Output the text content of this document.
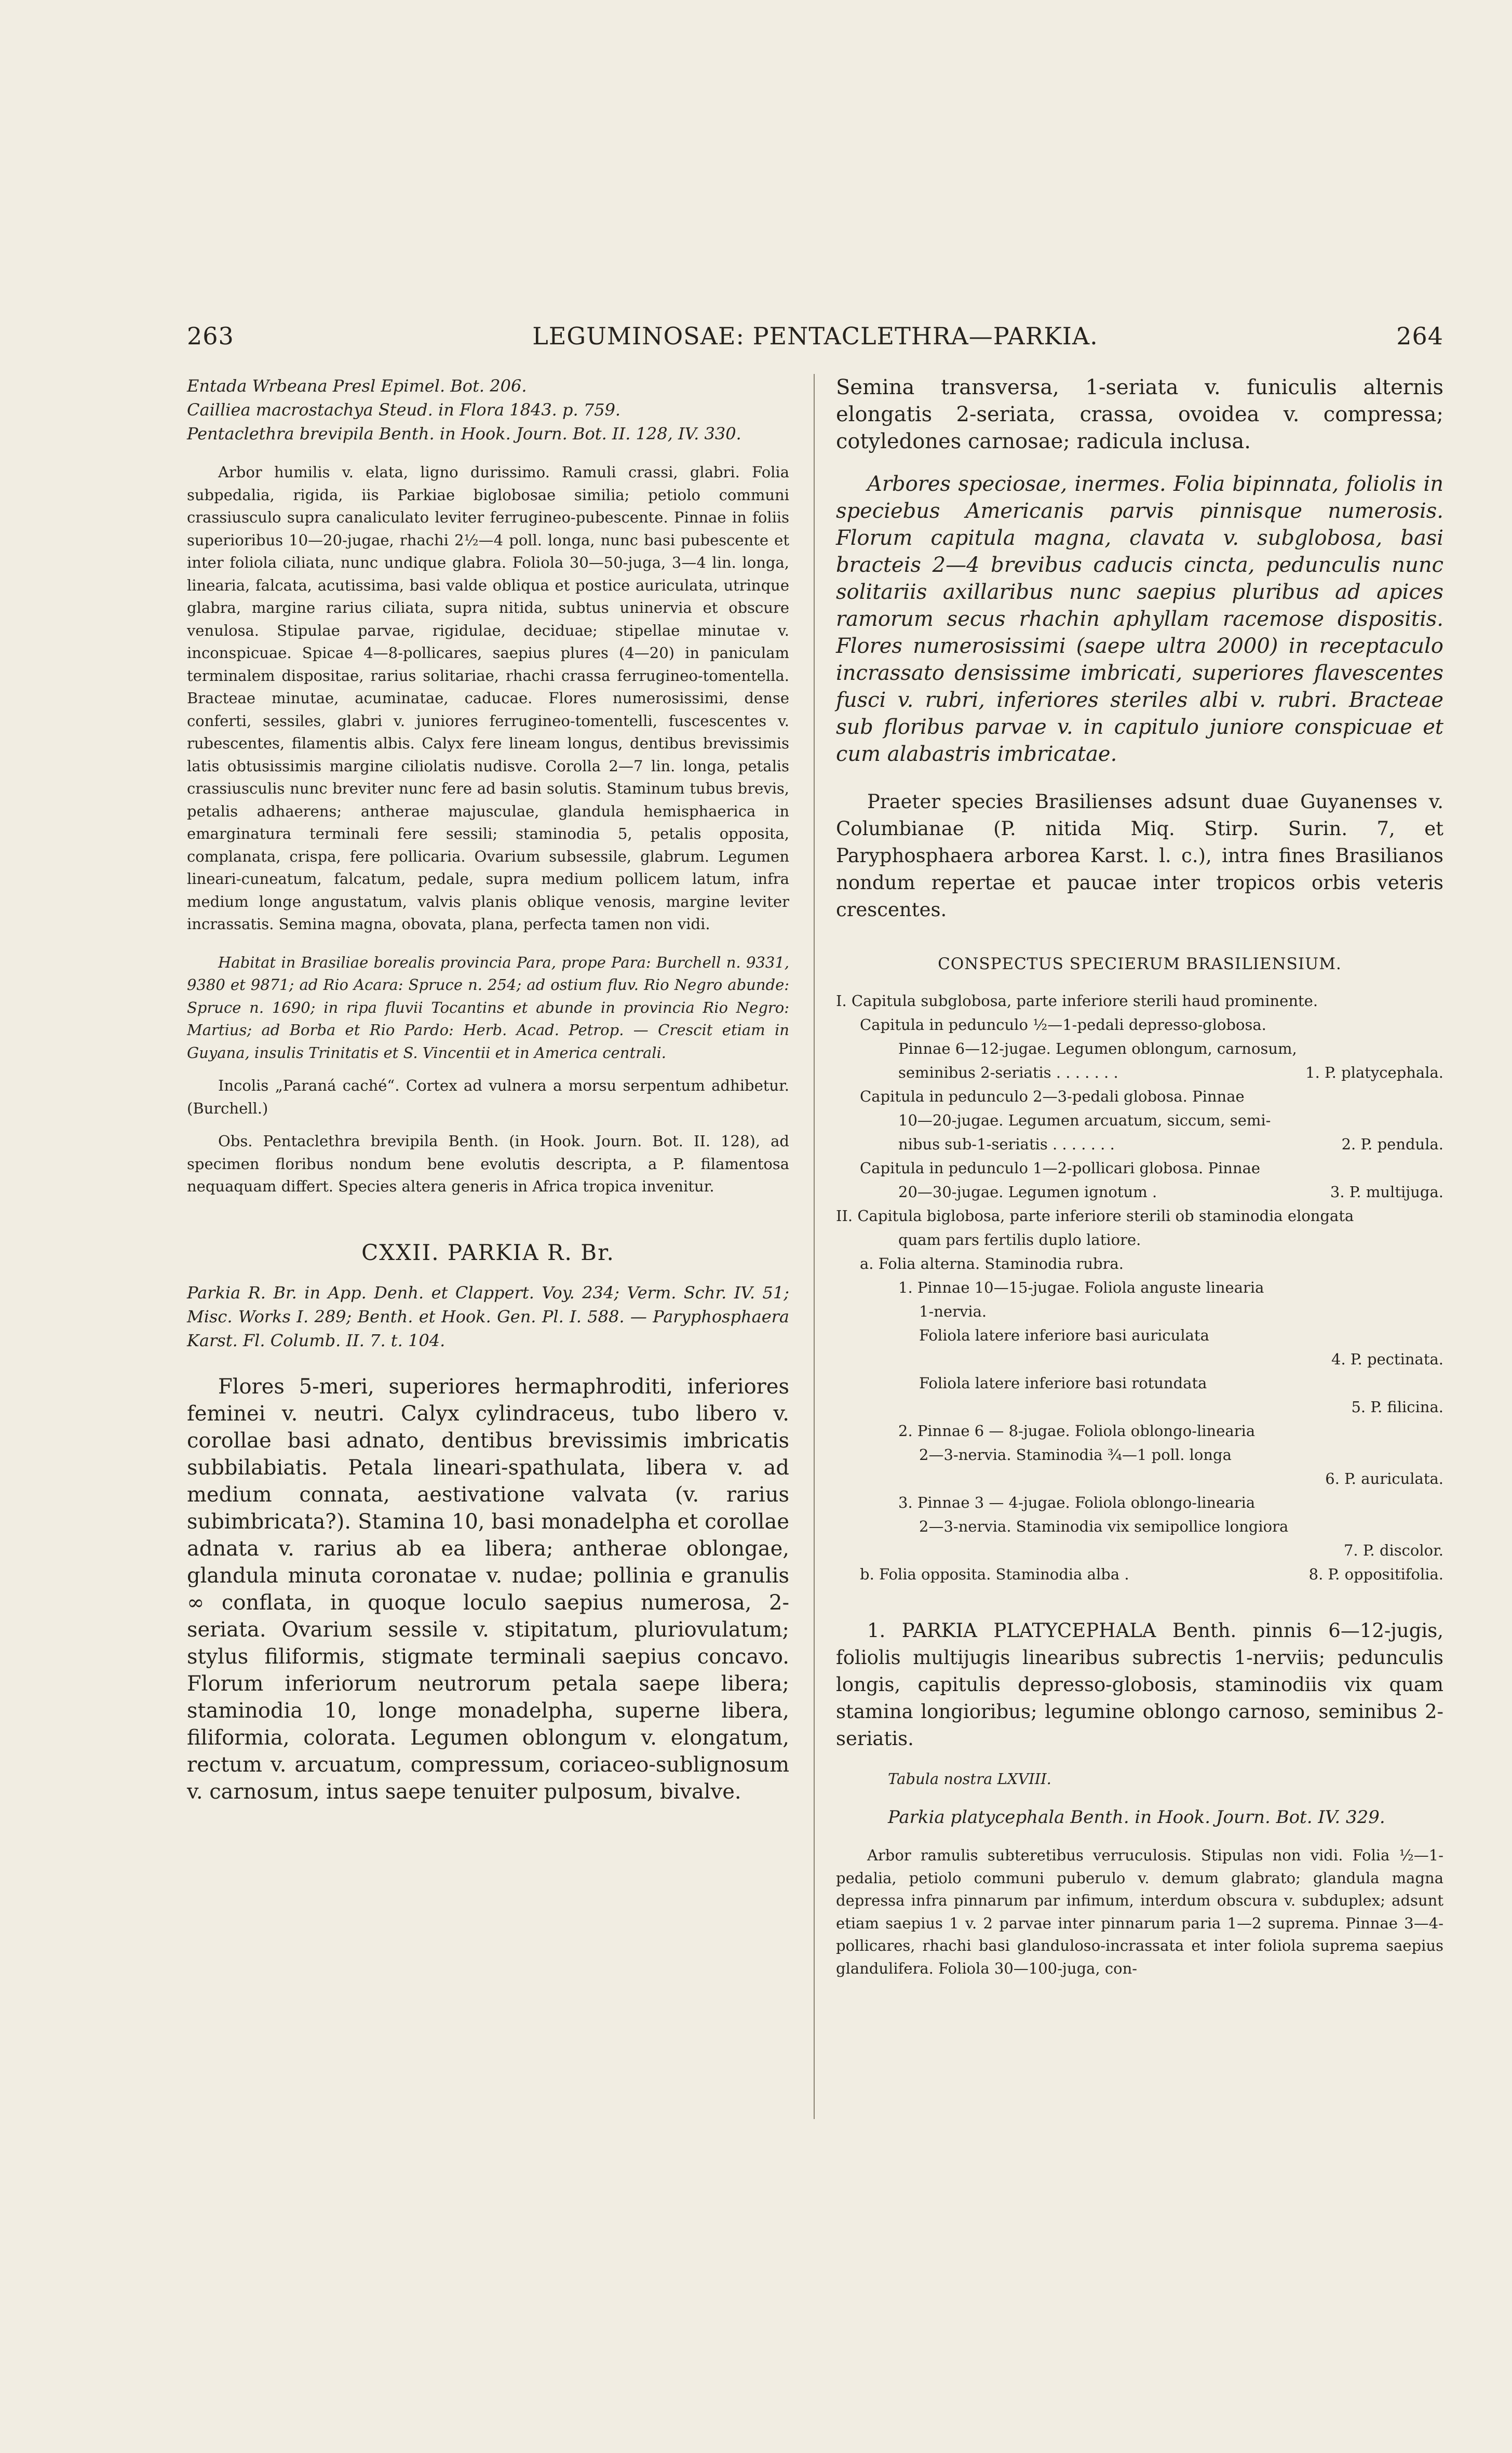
263	LEGUMINOSAE: PENTACLETHRA—PARKIA.	264

Entada Wrbeana Presl Epimel. Bot. 206.

Cailliea macrostachya Steud. in Flora 1843. p. 759.

Pentaclethra brevipila Benth. in Hook. Journ. Bot. II. 128, IV. 330.

Arbor humilis v. elata, ligno durissimo. Ramuli crassi, glabri. Folia subpedalia, rigida, iis Parkiae biglobosae similia; petiolo communi crassiusculo supra canaliculato leviter ferrugineo-pubescente. Pinnae in foliis superioribus 10—20-jugae, rhachi 2½—4 poll. longa, nunc basi pubescente et inter foliola ciliata, nunc undique glabra. Foliola 30—50-juga, 3—4 lin. longa, linearia, falcata, acutissima, basi valde obliqua et postice auriculata, utrinque glabra, margine rarius ciliata, supra nitida, subtus uninervia et obscure venulosa. Stipulae parvae, rigidulae, deciduae; stipellae minutae v. inconspicuae. Spicae 4—8-pollicares, saepius plures (4—20) in paniculam terminalem dispositae, rarius solitariae, rhachi crassa ferrugineo-tomentella. Bracteae minutae, acuminatae, caducae. Flores numerosissimi, dense conferti, sessiles, glabri v. juniores ferrugineo-tomentelli, fuscescentes v. rubescentes, filamentis albis. Calyx fere lineam longus, dentibus brevissimis latis obtusissimis margine ciliolatis nudisve. Corolla 2—7 lin. longa, petalis crassiusculis nunc breviter nunc fere ad basin solutis. Staminum tubus brevis, petalis adhaerens; antherae majusculae, glandula hemisphaerica in emarginatura terminali fere sessili; staminodia 5, petalis opposita, complanata, crispa, fere pollicaria. Ovarium subsessile, glabrum. Legumen lineari-cuneatum, falcatum, pedale, supra medium pollicem latum, infra medium longe angustatum, valvis planis oblique venosis, margine leviter incrassatis. Semina magna, obovata, plana, perfecta tamen non vidi.

Habitat in Brasiliae borealis provincia Para, prope Para: Burchell n. 9331, 9380 et 9871; ad Rio Acara: Spruce n. 254; ad ostium fluv. Rio Negro abunde: Spruce n. 1690; in ripa fluvii Tocantins et abunde in provincia Rio Negro: Martius; ad Borba et Rio Pardo: Herb. Acad. Petrop. — Crescit etiam in Guyana, insulis Trinitatis et S. Vincentii et in America centrali.

Incolis „Paraná caché“. Cortex ad vulnera a morsu serpentum adhibetur. (Burchell.)

Obs. Pentaclethra brevipila Benth. (in Hook. Journ. Bot. II. 128), ad specimen floribus nondum bene evolutis descripta, a P. filamentosa nequaquam differt. Species altera generis in Africa tropica invenitur.

CXXII. PARKIA R. Br.

Parkia R. Br. in App. Denh. et Clappert. Voy. 234; Verm. Schr. IV. 51; Misc. Works I. 289; Benth. et Hook. Gen. Pl. I. 588. — Paryphosphaera Karst. Fl. Columb. II. 7. t. 104.

Flores 5-meri, superiores hermaphroditi, inferiores feminei v. neutri. Calyx cylindraceus, tubo libero v. corollae basi adnato, dentibus brevissimis imbricatis subbilabiatis. Petala lineari-spathulata, libera v. ad medium connata, aestivatione valvata (v. rarius subimbricata?). Stamina 10, basi monadelpha et corollae adnata v. rarius ab ea libera; antherae oblongae, glandula minuta coronatae v. nudae; pollinia e granulis ∞ conflata, in quoque loculo saepius numerosa, 2-seriata. Ovarium sessile v. stipitatum, pluriovulatum; stylus filiformis, stigmate terminali saepius concavo. Florum inferiorum neutrorum petala saepe libera; staminodia 10, longe monadelpha, superne libera, filiformia, colorata. Legumen oblongum v. elongatum, rectum v. arcuatum, compressum, coriaceo-sublignosum v. carnosum, intus saepe tenuiter pulposum, bivalve.

Semina transversa, 1-seriata v. funiculis alternis elongatis 2-seriata, crassa, ovoidea v. compressa; cotyledones carnosae; radicula inclusa.

Arbores speciosae, inermes. Folia bipinnata, foliolis in speciebus Americanis parvis pinnisque numerosis. Florum capitula magna, clavata v. subglobosa, basi bracteis 2—4 brevibus caducis cincta, pedunculis nunc solitariis axillaribus nunc saepius pluribus ad apices ramorum secus rhachin aphyllam racemose dispositis. Flores numerosissimi (saepe ultra 2000) in receptaculo incrassato densissime imbricati, superiores flavescentes fusci v. rubri, inferiores steriles albi v. rubri. Bracteae sub floribus parvae v. in capitulo juniore conspicuae et cum alabastris imbricatae.

Praeter species Brasilienses adsunt duae Guyanenses v. Columbianae (P. nitida Miq. Stirp. Surin. 7, et Paryphosphaera arborea Karst. l. c.), intra fines Brasilianos nondum repertae et paucae inter tropicos orbis veteris crescentes.

CONSPECTUS SPECIERUM BRASILIENSIUM.

I. Capitula subglobosa, parte inferiore sterili haud prominente.
Capitula in pedunculo ½—1-pedali depresso-globosa.
Pinnae 6—12-jugae. Legumen oblongum, carnosum,
seminibus 2-seriatis . . . . . . .	1. P. platycephala.
Capitula in pedunculo 2—3-pedali globosa. Pinnae
10—20-jugae. Legumen arcuatum, siccum, semi-
nibus sub-1-seriatis . . . . . . .	2. P. pendula.
Capitula in pedunculo 1—2-pollicari globosa. Pinnae
20—30-jugae. Legumen ignotum .	3. P. multijuga.
II. Capitula biglobosa, parte inferiore sterili ob staminodia elongata
quam pars fertilis duplo latiore.
a. Folia alterna. Staminodia rubra.
1. Pinnae 10—15-jugae. Foliola anguste linearia
1-nervia.
Foliola latere inferiore basi auriculata

4. P. pectinata.
Foliola latere inferiore basi rotundata

5. P. filicina.
2. Pinnae 6 — 8-jugae. Foliola oblongo-linearia
2—3-nervia. Staminodia ¾—1 poll. longa

6. P. auriculata.
3. Pinnae 3 — 4-jugae. Foliola oblongo-linearia
2—3-nervia. Staminodia vix semipollice longiora

7. P. discolor.
b. Folia opposita. Staminodia alba .	8. P. oppositifolia.

1. PARKIA PLATYCEPHALA Benth. pinnis 6—12-jugis, foliolis multijugis linearibus subrectis 1-nerviis; pedunculis longis, capitulis depresso-globosis, staminodiis vix quam stamina longioribus; legumine oblongo carnoso, seminibus 2-seriatis.

Tabula nostra LXVIII.

Parkia platycephala Benth. in Hook. Journ. Bot. IV. 329.

Arbor ramulis subteretibus verruculosis. Stipulas non vidi. Folia ½—1-pedalia, petiolo communi puberulo v. demum glabrato; glandula magna depressa infra pinnarum par infimum, interdum obscura v. subduplex; adsunt etiam saepius 1 v. 2 parvae inter pinnarum paria 1—2 suprema. Pinnae 3—4-pollicares, rhachi basi glanduloso-incrassata et inter foliola suprema saepius glandulifera. Foliola 30—100-juga, con-
